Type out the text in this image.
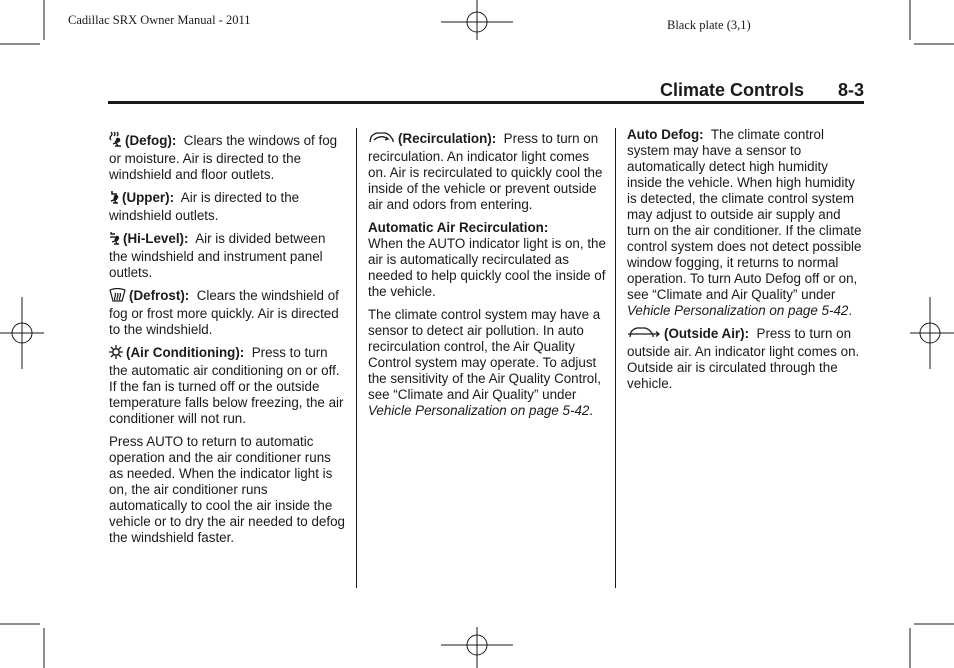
Cadillac SRX Owner Manual - 2011	Black plate (3,1)
Climate Controls 8-3

(Defog): Clears the windows of fog or moisture. Air is directed to the windshield and floor outlets.

(Upper): Air is directed to the windshield outlets.

(Hi-Level): Air is divided between the windshield and instrument panel outlets.

(Defrost): Clears the windshield of fog or frost more quickly. Air is directed to the windshield.

(Air Conditioning): Press to turn the automatic air conditioning on or off. If the fan is turned off or the outside temperature falls below freezing, the air conditioner will not run.

Press AUTO to return to automatic operation and the air conditioner runs as needed. When the indicator light is on, the air conditioner runs automatically to cool the air inside the vehicle or to dry the air needed to defog the windshield faster.

(Recirculation): Press to turn on recirculation. An indicator light comes on. Air is recirculated to quickly cool the inside of the vehicle or prevent outside air and odors from entering.

Automatic Air Recirculation:
When the AUTO indicator light is on, the air is automatically recirculated as needed to help quickly cool the inside of the vehicle.

The climate control system may have a sensor to detect air pollution. In auto recirculation control, the Air Quality Control system may operate. To adjust the sensitivity of the Air Quality Control, see “Climate and Air Quality” under Vehicle Personalization on page 5-42.

Auto Defog: The climate control system may have a sensor to automatically detect high humidity inside the vehicle. When high humidity is detected, the climate control system may adjust to outside air supply and turn on the air conditioner. If the climate control system does not detect possible window fogging, it returns to normal operation. To turn Auto Defog off or on, see “Climate and Air Quality” under Vehicle Personalization on page 5-42.

(Outside Air): Press to turn on outside air. An indicator light comes on. Outside air is circulated through the vehicle.
